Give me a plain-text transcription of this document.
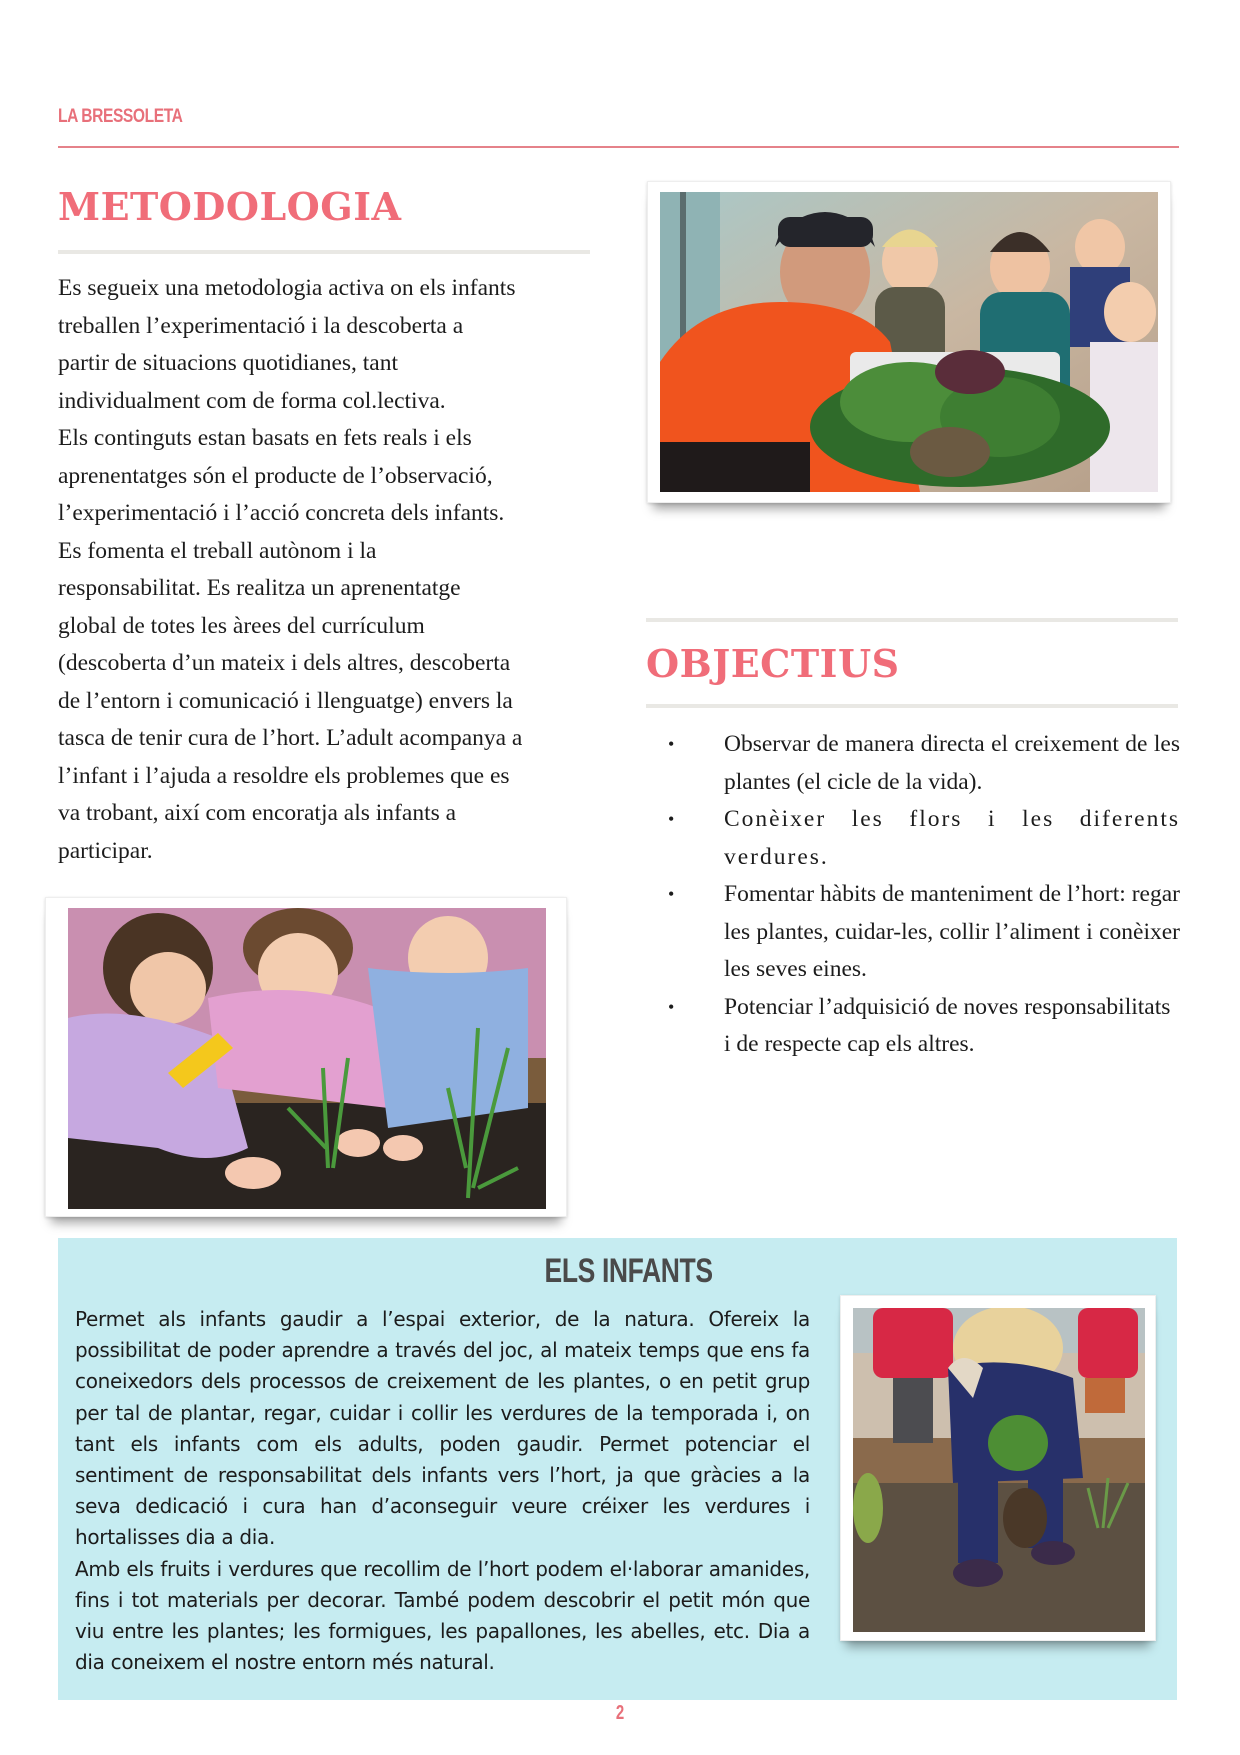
LA BRESSOLETA
METODOLOGIA
Es segueix una metodologia activa on els infants
treballen l’experimentació i la descoberta a
partir de situacions quotidianes, tant
individualment com de forma col.lectiva.
Els continguts estan basats en fets reals i els
aprenentatges són el producte de l’observació,
l’experimentació i l’acció concreta dels infants.
Es fomenta el treball autònom i la
responsabilitat. Es realitza un aprenentatge
global de totes les àrees del currículum
(descoberta d’un mateix i dels altres, descoberta
de l’entorn i comunicació i llenguatge) envers la
tasca de tenir cura de l’hort. L’adult acompanya a
l’infant i l’ajuda a resoldre els problemes que es
va trobant, així com encoratja als infants a
participar.
OBJECTIUS
• Observar de manera directa el creixement de les plantes (el cicle de la vida).
• Conèixer les flors i les diferents verdures.
• Fomentar hàbits de manteniment de l’hort: regar les plantes, cuidar-les, collir l’aliment i conèixer les seves eines.
• Potenciar l’adquisició de noves responsabilitats i de respecte cap els altres.
ELS INFANTS
Permet als infants gaudir a l’espai exterior, de la natura. Ofereix la possibilitat de poder aprendre a través del joc, al mateix temps que ens fa coneixedors dels processos de creixement de les plantes, o en petit grup per tal de plantar, regar, cuidar i collir les verdures de la temporada i, on tant els infants com els adults, poden gaudir. Permet potenciar el sentiment de responsabilitat dels infants vers l’hort, ja que gràcies a la seva dedicació i cura han d’aconseguir veure créixer les verdures i hortalisses dia a dia.
Amb els fruits i verdures que recollim de l’hort podem el·laborar amanides, fins i tot materials per decorar. També podem descobrir el petit món que viu entre les plantes; les formigues, les papallones, les abelles, etc. Dia a dia coneixem el nostre entorn més natural.
2
